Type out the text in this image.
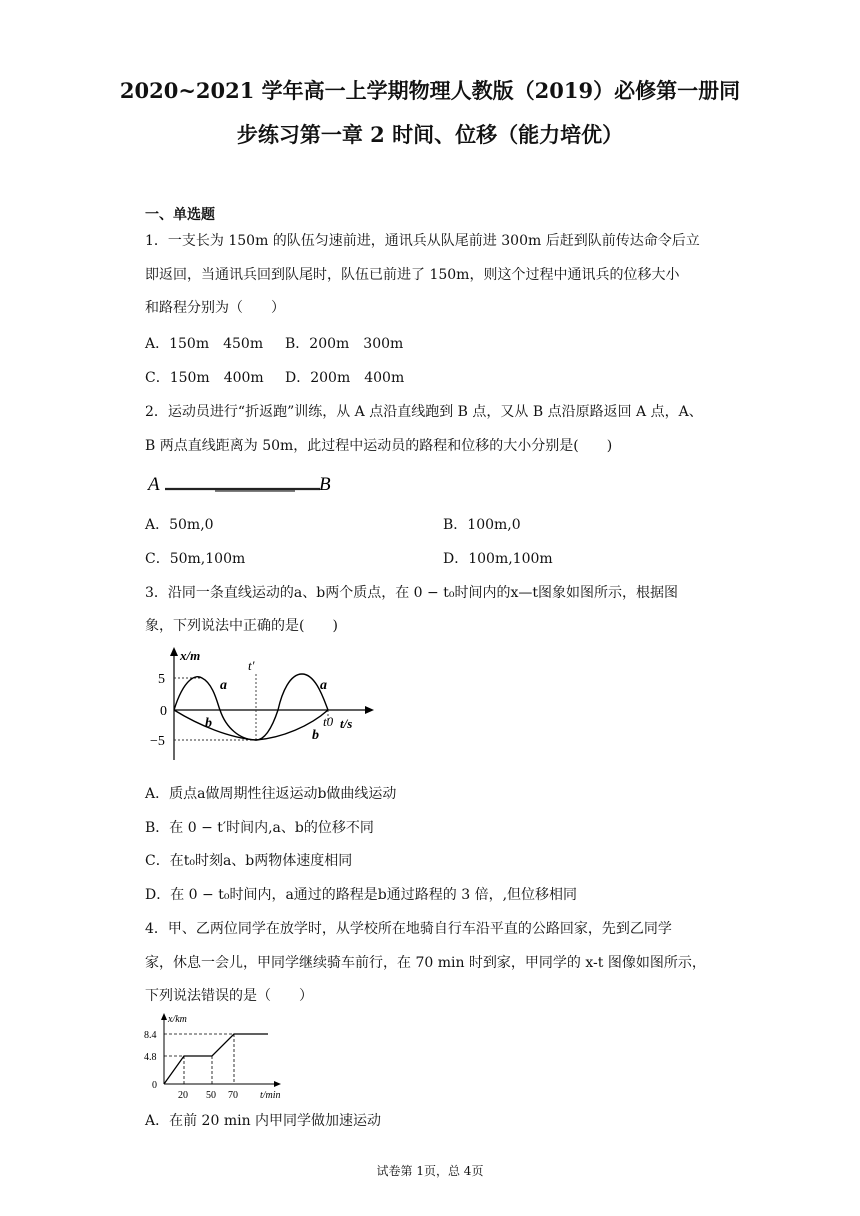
2020~2021 学年高一上学期物理人教版（2019）必修第一册同
步练习第一章 2 时间、位移（能力培优）
一、单选题
1．一支长为 150m 的队伍匀速前进，通讯兵从队尾前进 300m 后赶到队前传达命令后立
即返回，当通讯兵回到队尾时，队伍已前进了 150m，则这个过程中通讯兵的位移大小
和路程分别为（　　）
A．150m　450m B．200m　300m
C．150m　400m D．200m　400m
2．运动员进行“折返跑”训练，从 A 点沿直线跑到 B 点，又从 B 点沿原路返回 A 点，A、
B 两点直线距离为 50m，此过程中运动员的路程和位移的大小分别是(　　)
A	B
A．50m,0	B．100m,0
C．50m,100m	D．100m,100m
3．沿同一条直线运动的a、b两个质点，在 0 − t₀时间内的x—t图象如图所示，根据图
象，下列说法中正确的是(　　)
x/m
t/s
5
0
−5
t′
t0
a	a
b
b
A．质点a做周期性往返运动b做曲线运动
B．在 0 − t′时间内,a、b的位移不同
C．在t₀时刻a、b两物体速度相同
D．在 0 − t₀时间内，a通过的路程是b通过路程的 3 倍，,但位移相同
4．甲、乙两位同学在放学时，从学校所在地骑自行车沿平直的公路回家，先到乙同学
家，休息一会儿，甲同学继续骑车前行，在 70 min 时到家，甲同学的 x-t 图像如图所示，
下列说法错误的是（　　）
x/km
t/min
8.4
4.8
0
20 50 70
A．在前 20 min 内甲同学做加速运动
试卷第 1页，总 4页
